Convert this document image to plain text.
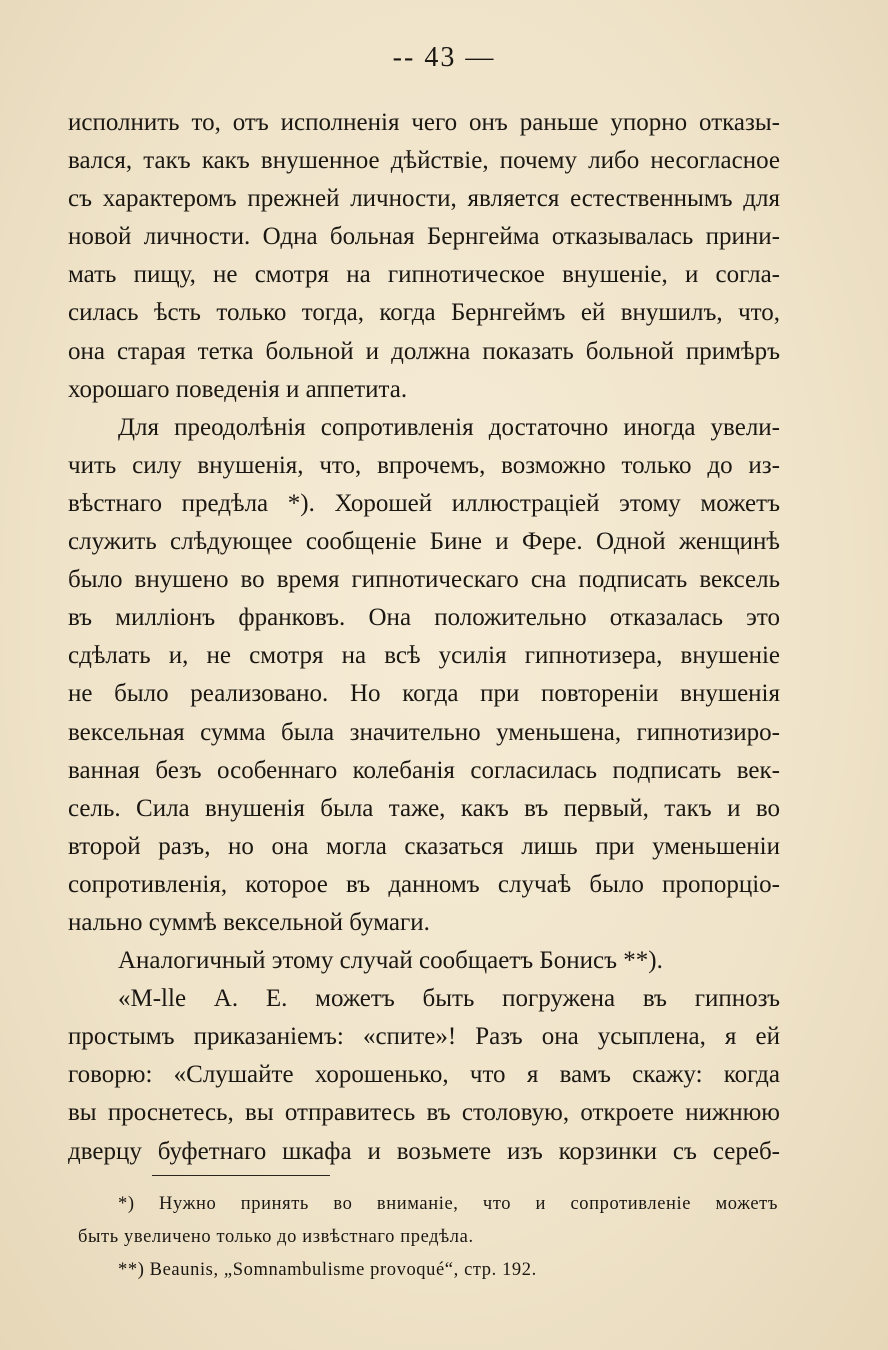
-- 43 —
исполнить то, отъ исполненія чего онъ раньше упорно отказы-
вался, такъ какъ внушенное дѣйствіе, почему либо несогласное
съ характеромъ прежней личности, является естественнымъ для
новой личности. Одна больная Бернгейма отказывалась прини-
мать пищу, не смотря на гипнотическое внушеніе, и согла-
силась ѣсть только тогда, когда Бернгеймъ ей внушилъ, что,
она старая тетка больной и должна показать больной примѣръ
хорошаго поведенія и аппетита.
Для преодолѣнія сопротивленія достаточно иногда увели-
чить силу внушенія, что, впрочемъ, возможно только до из-
вѣстнаго предѣла *). Хорошей иллюстраціей этому можетъ
служить слѣдующее сообщеніе Бине и Фере. Одной женщинѣ
было внушено во время гипнотическаго сна подписать вексель
въ милліонъ франковъ. Она положительно отказалась это
сдѣлать и, не смотря на всѣ усилія гипнотизера, внушеніе
не было реализовано. Но когда при повтореніи внушенія
вексельная сумма была значительно уменьшена, гипнотизиро-
ванная безъ особеннаго колебанія согласилась подписать век-
сель. Сила внушенія была таже, какъ въ первый, такъ и во
второй разъ, но она могла сказаться лишь при уменьшеніи
сопротивленія, которое въ данномъ случаѣ было пропорціо-
нально суммѣ вексельной бумаги.
Аналогичный этому случай сообщаетъ Бонисъ **).
«M-lle А. Е. можетъ быть погружена въ гипнозъ
простымъ приказаніемъ: «спите»! Разъ она усыплена, я ей
говорю: «Слушайте хорошенько, что я вамъ скажу: когда
вы проснетесь, вы отправитесь въ столовую, откроете нижнюю
дверцу буфетнаго шкафа и возьмете изъ корзинки съ сереб-
*) Нужно принять во вниманіе, что и сопротивленіе можетъ
быть увеличено только до извѣстнаго предѣла.
**) Beaunis, „Somnambulisme provoqué“, стр. 192.
